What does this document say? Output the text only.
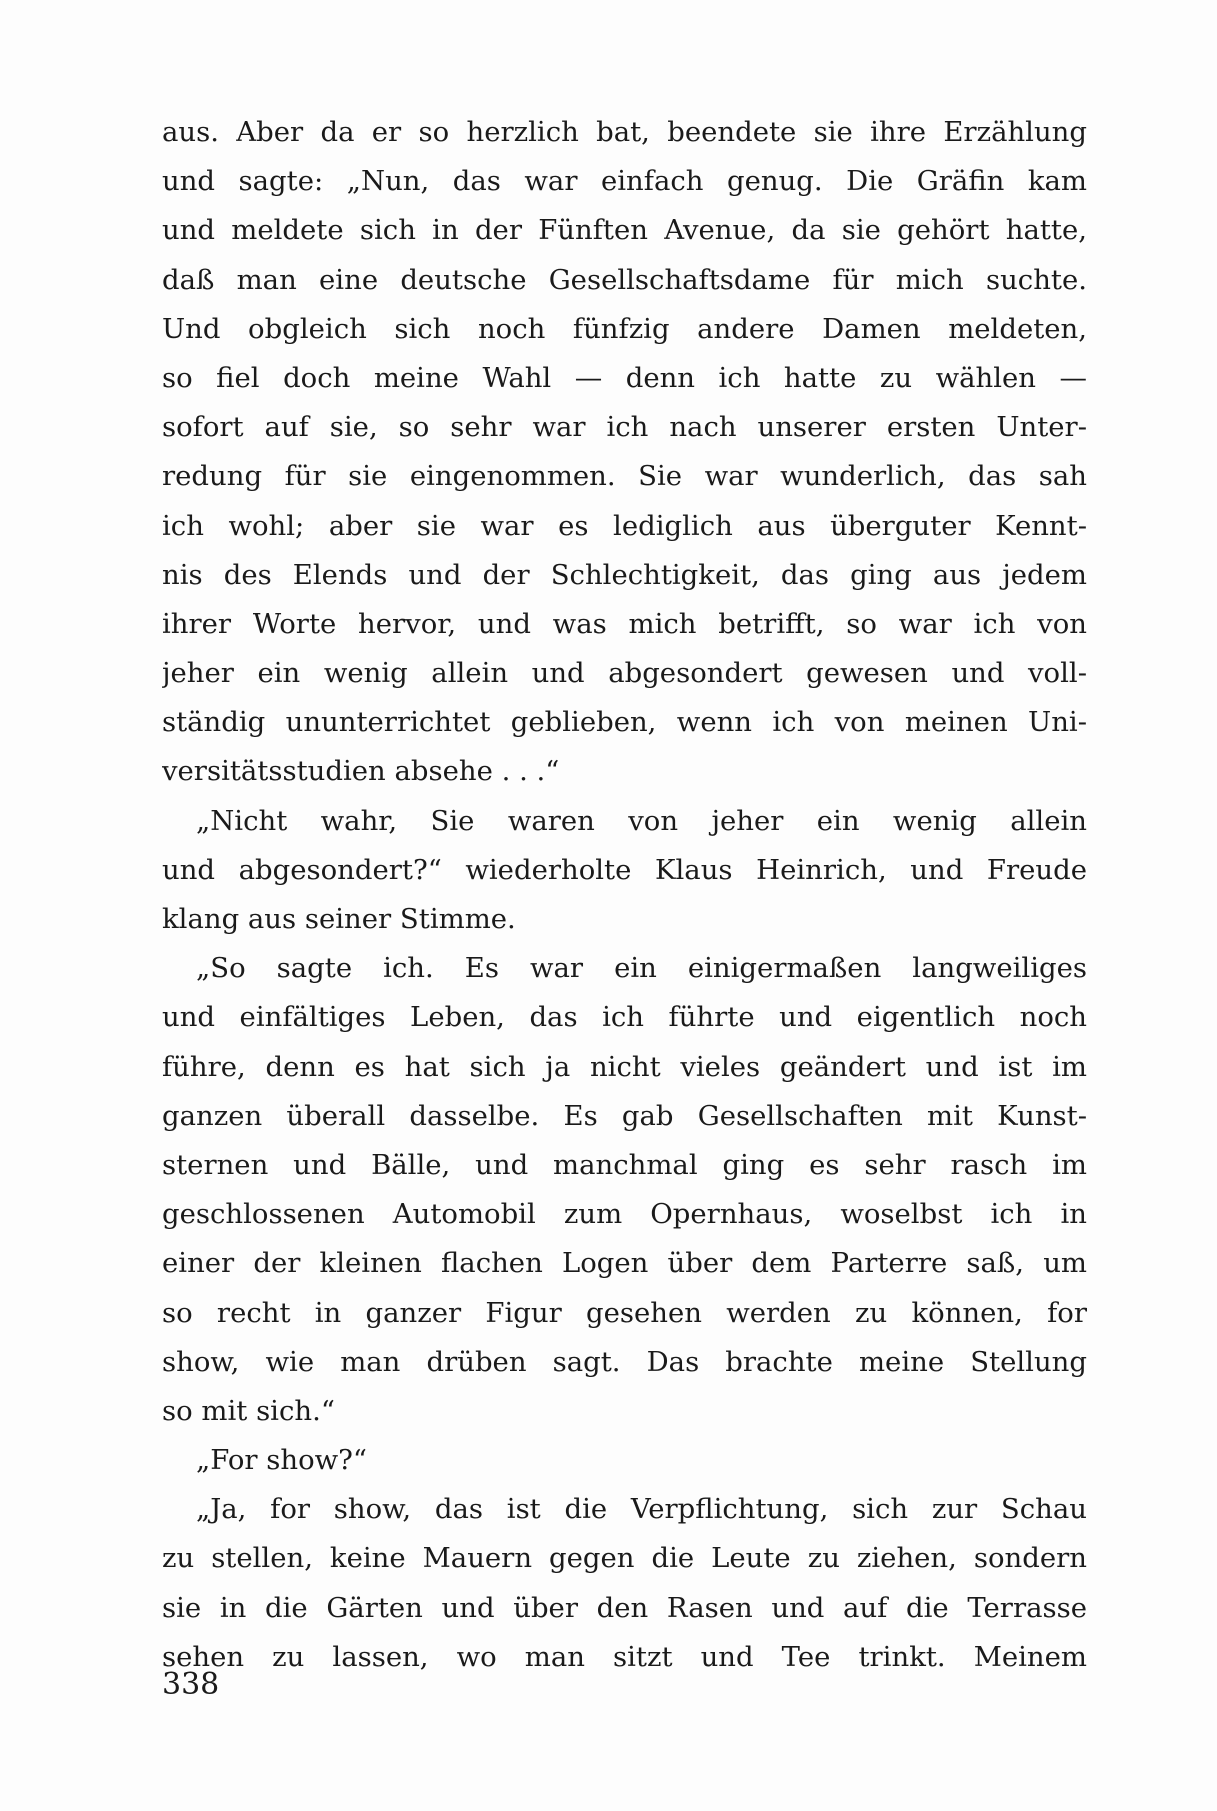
aus. Aber da er so herzlich bat, beendete sie ihre Erzählung
und sagte: „Nun, das war einfach genug. Die Gräfin kam
und meldete sich in der Fünften Avenue, da sie gehört hatte,
daß man eine deutsche Gesellschaftsdame für mich suchte.
Und obgleich sich noch fünfzig andere Damen meldeten,
so fiel doch meine Wahl — denn ich hatte zu wählen —
sofort auf sie, so sehr war ich nach unserer ersten Unter-
redung für sie eingenommen. Sie war wunderlich, das sah
ich wohl; aber sie war es lediglich aus überguter Kennt-
nis des Elends und der Schlechtigkeit, das ging aus jedem
ihrer Worte hervor, und was mich betrifft, so war ich von
jeher ein wenig allein und abgesondert gewesen und voll-
ständig ununterrichtet geblieben, wenn ich von meinen Uni-
versitätsstudien absehe . . .“
„Nicht wahr, Sie waren von jeher ein wenig allein
und abgesondert?“ wiederholte Klaus Heinrich, und Freude
klang aus seiner Stimme.
„So sagte ich. Es war ein einigermaßen langweiliges
und einfältiges Leben, das ich führte und eigentlich noch
führe, denn es hat sich ja nicht vieles geändert und ist im
ganzen überall dasselbe. Es gab Gesellschaften mit Kunst-
sternen und Bälle, und manchmal ging es sehr rasch im
geschlossenen Automobil zum Opernhaus, woselbst ich in
einer der kleinen flachen Logen über dem Parterre saß, um
so recht in ganzer Figur gesehen werden zu können, for
show, wie man drüben sagt. Das brachte meine Stellung
so mit sich.“
„For show?“
„Ja, for show, das ist die Verpflichtung, sich zur Schau
zu stellen, keine Mauern gegen die Leute zu ziehen, sondern
sie in die Gärten und über den Rasen und auf die Terrasse
sehen zu lassen, wo man sitzt und Tee trinkt. Meinem
338
